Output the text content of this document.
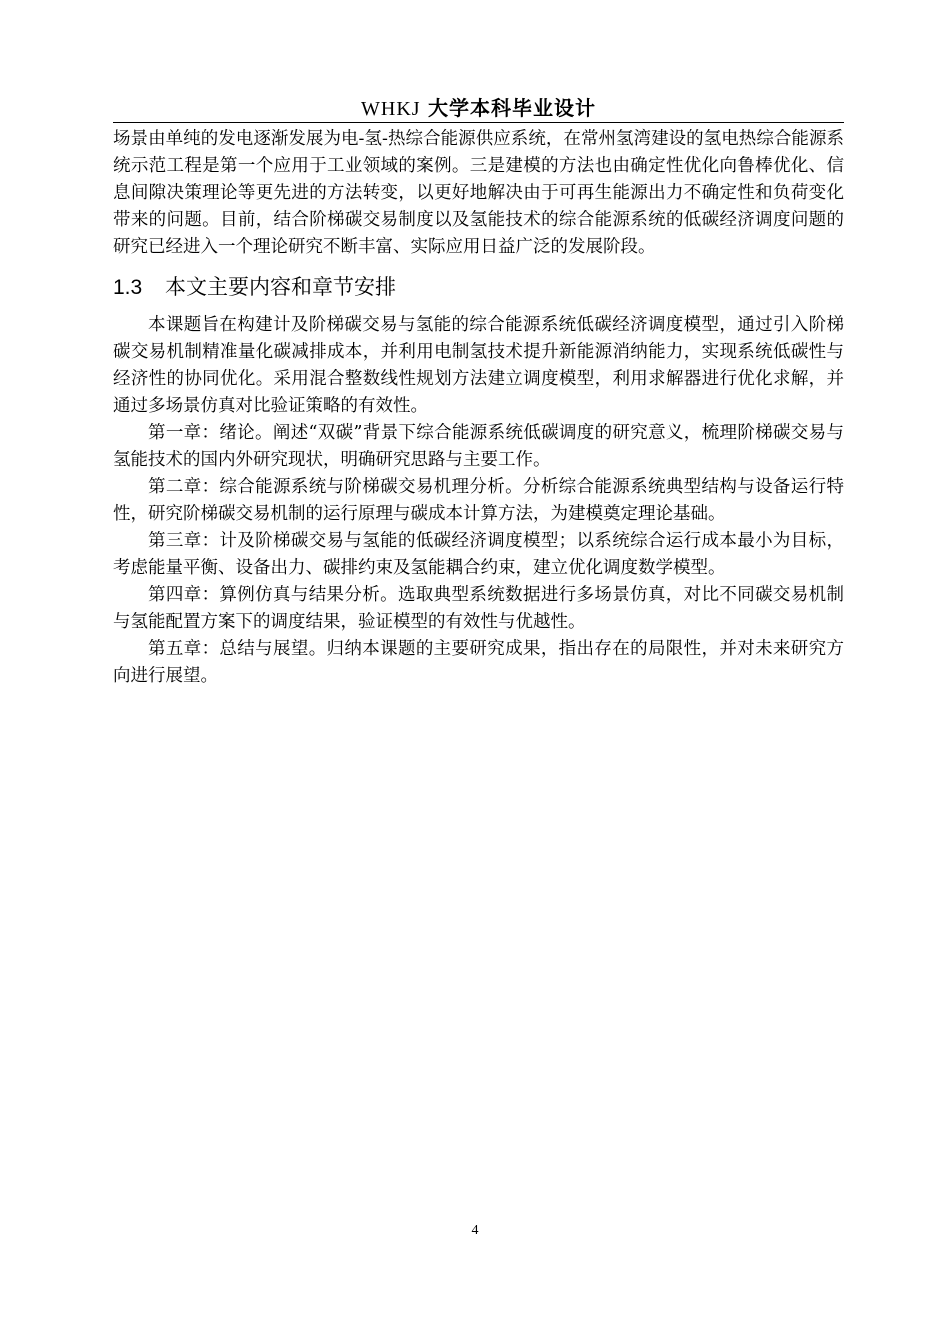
WHKJ 大学本科毕业设计

场景由单纯的发电逐渐发展为电-氢-热综合能源供应系统，在常州氢湾建设的氢电热综合能源系统示范工程是第一个应用于工业领域的案例。三是建模的方法也由确定性优化向鲁棒优化、信息间隙决策理论等更先进的方法转变，以更好地解决由于可再生能源出力不确定性和负荷变化带来的问题。目前，结合阶梯碳交易制度以及氢能技术的综合能源系统的低碳经济调度问题的研究已经进入一个理论研究不断丰富、实际应用日益广泛的发展阶段。

1.3 本文主要内容和章节安排

本课题旨在构建计及阶梯碳交易与氢能的综合能源系统低碳经济调度模型，通过引入阶梯碳交易机制精准量化碳减排成本，并利用电制氢技术提升新能源消纳能力，实现系统低碳性与经济性的协同优化。采用混合整数线性规划方法建立调度模型，利用求解器进行优化求解，并通过多场景仿真对比验证策略的有效性。

第一章：绪论。阐述“双碳”背景下综合能源系统低碳调度的研究意义，梳理阶梯碳交易与氢能技术的国内外研究现状，明确研究思路与主要工作。

第二章：综合能源系统与阶梯碳交易机理分析。分析综合能源系统典型结构与设备运行特性，研究阶梯碳交易机制的运行原理与碳成本计算方法，为建模奠定理论基础。

第三章：计及阶梯碳交易与氢能的低碳经济调度模型；以系统综合运行成本最小为目标，考虑能量平衡、设备出力、碳排约束及氢能耦合约束，建立优化调度数学模型。

第四章：算例仿真与结果分析。选取典型系统数据进行多场景仿真，对比不同碳交易机制与氢能配置方案下的调度结果，验证模型的有效性与优越性。

第五章：总结与展望。归纳本课题的主要研究成果，指出存在的局限性，并对未来研究方向进行展望。

4
